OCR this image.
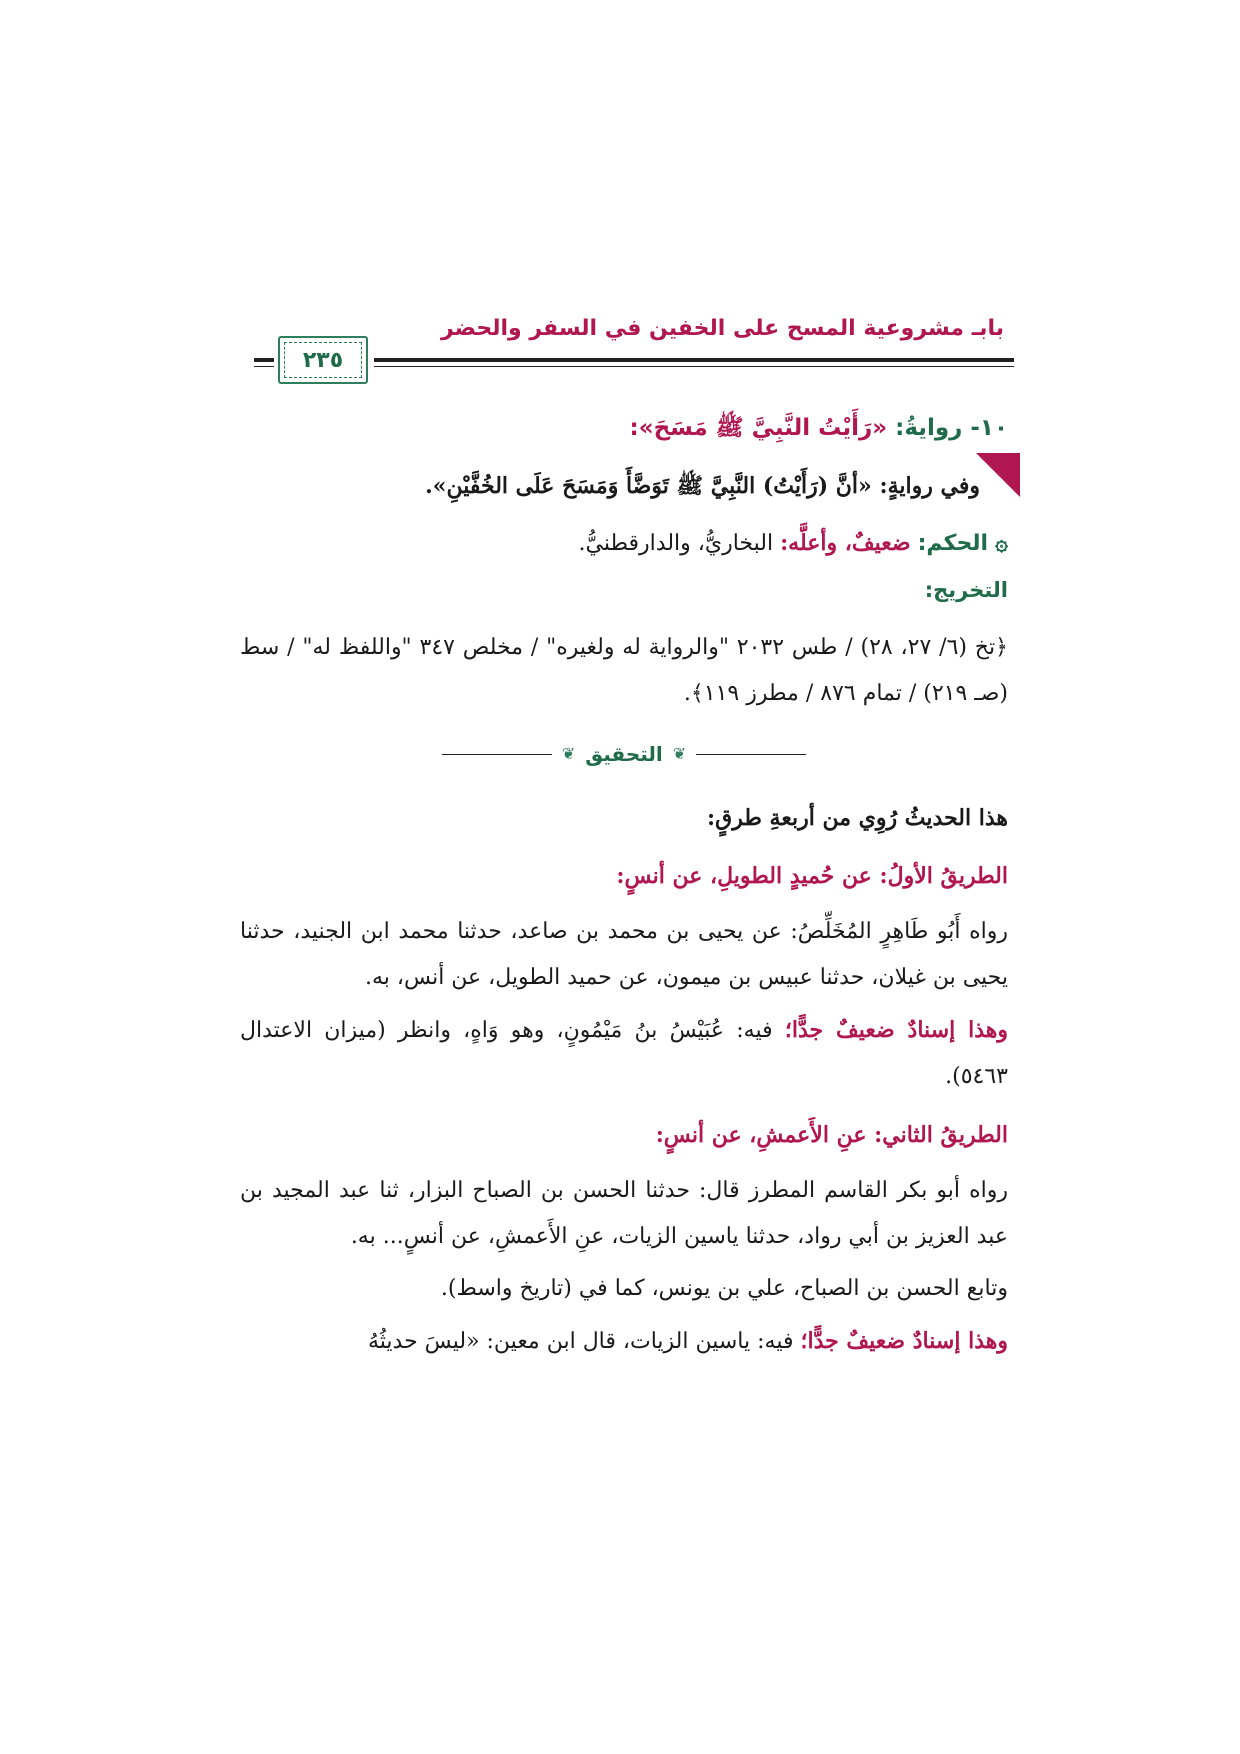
بابـ مشروعية المسح على الخفين في السفر والحضر
٢٣٥

١٠- روايةُ: «رَأَيْتُ النَّبِيَّ ﷺ مَسَحَ»:

وفي روايةٍ: «أنَّ (رَأَيْتُ) النَّبِيَّ ﷺ تَوَضَّأَ وَمَسَحَ عَلَى الخُفَّيْنِ».

۞ الحكم: ضعيفٌ، وأعلَّه: البخاريُّ، والدارقطنيُّ.

التخريج:

﴿تخ (٦/ ٢٧، ٢٨) / طس ٢٠٣٢ "والرواية له ولغيره" / مخلص ٣٤٧ "واللفظ له" / سط (صـ ٢١٩) / تمام ٨٧٦ / مطرز ١١٩﴾.

❦ التحقيق ❦

هذا الحديثُ رُوِي من أربعةِ طرقٍ:

الطريقُ الأولُ: عن حُميدٍ الطويلِ، عن أنسٍ:

رواه أَبُو طَاهِرٍ المُخَلِّصُ: عن يحيى بن محمد بن صاعد، حدثنا محمد ابن الجنيد، حدثنا يحيى بن غيلان، حدثنا عبيس بن ميمون، عن حميد الطويل، عن أنس، به.

وهذا إسنادٌ ضعيفٌ جدًّا؛ فيه: عُبَيْسُ بنُ مَيْمُونٍ، وهو وَاهٍ، وانظر (ميزان الاعتدال ٥٤٦٣).

الطريقُ الثاني: عنِ الأَعمشِ، عن أنسٍ:

رواه أبو بكر القاسم المطرز قال: حدثنا الحسن بن الصباح البزار، ثنا عبد المجيد بن عبد العزيز بن أبي رواد، حدثنا ياسين الزيات، عنِ الأَعمشِ، عن أنسٍ... به.

وتابع الحسن بن الصباح، علي بن يونس، كما في (تاريخ واسط).

وهذا إسنادٌ ضعيفٌ جدًّا؛ فيه: ياسين الزيات، قال ابن معين: «ليسَ حديثُهُ
